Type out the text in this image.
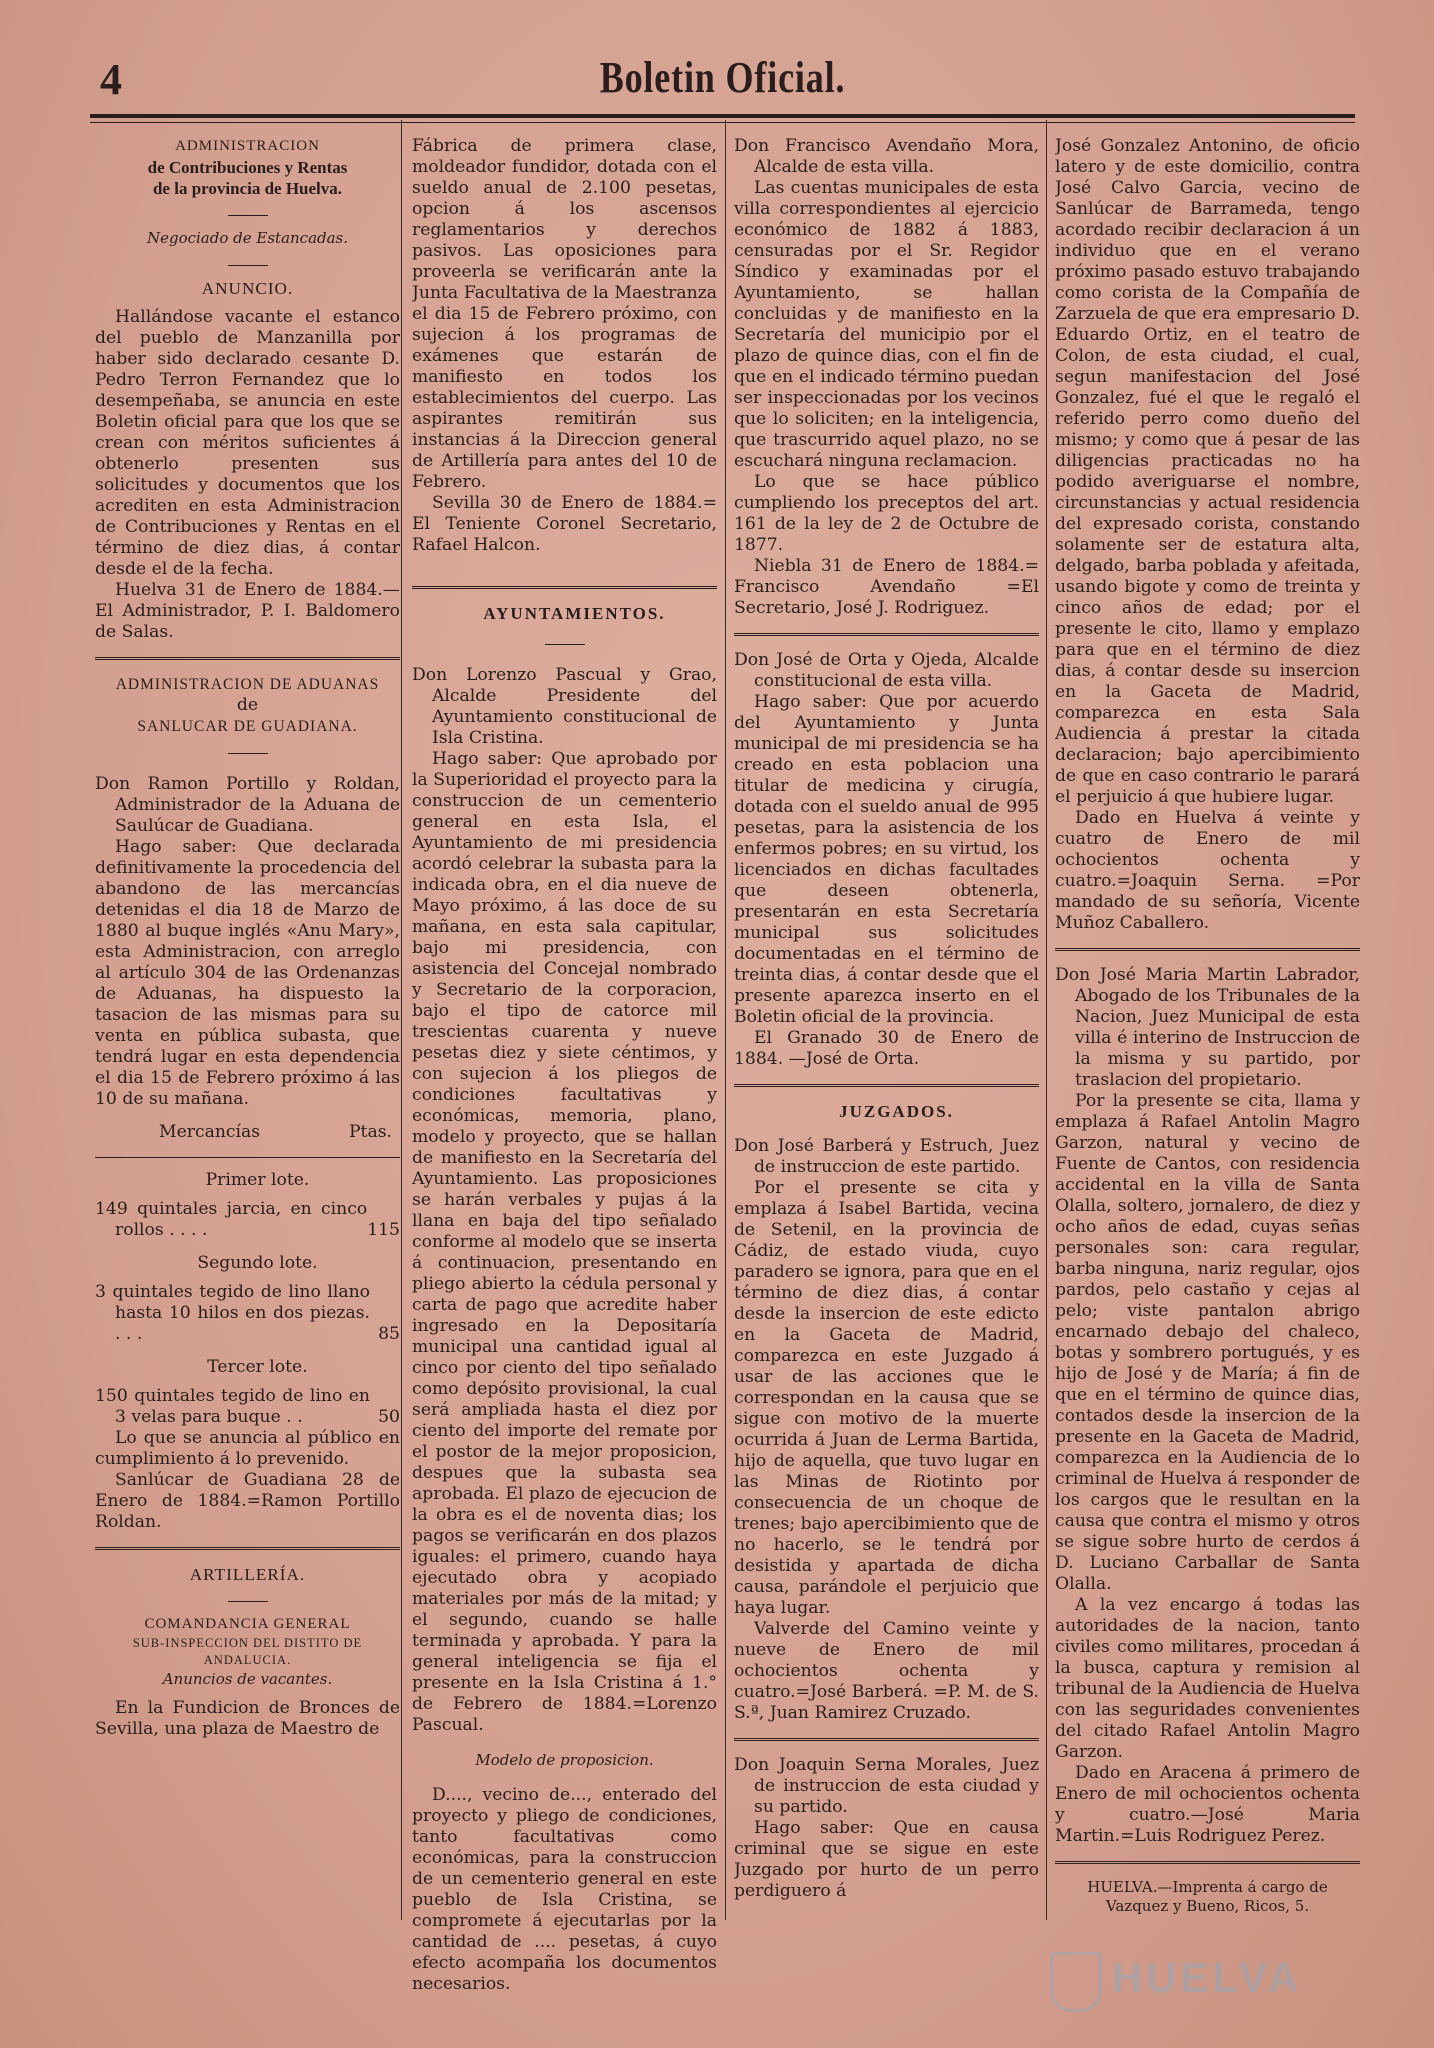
4	Boletin Oficial.

ADMINISTRACION

de Contribuciones y Rentas

de la provincia de Huelva.

Negociado de Estancadas.

ANUNCIO.

Hallándose vacante el estanco del pueblo de Manzanilla por haber sido declarado cesante D. Pedro Terron Fernandez que lo desempeñaba, se anuncia en este Boletin oficial para que los que se crean con méritos suficientes á obtenerlo presenten sus solicitudes y documentos que los acrediten en esta Administracion de Contribuciones y Rentas en el término de diez dias, á contar desde el de la fecha.

Huelva 31 de Enero de 1884.— El Administrador, P. I. Baldomero de Salas.

ADMINISTRACION DE ADUANAS

de

SANLUCAR DE GUADIANA.

Don Ramon Portillo y Roldan, Administrador de la Aduana de Saulúcar de Guadiana.

Hago saber: Que declarada definitivamente la procedencia del abandono de las mercancías detenidas el dia 18 de Marzo de 1880 al buque inglés «Anu Mary», esta Administracion, con arreglo al artículo 304 de las Ordenanzas de Aduanas, ha dispuesto la tasacion de las mismas para su venta en pública subasta, que tendrá lugar en esta dependencia el dia 15 de Febrero próximo á las 10 de su mañana.

Mercancías	Ptas.

Primer lote.

149 quintales jarcia, en cinco rollos . . . .	115

Segundo lote.

3 quintales tegido de lino llano hasta 10 hilos en dos piezas. . . .	85

Tercer lote.

150 quintales tegido de lino en 3 velas para buque . .	50

Lo que se anuncia al público en cumplimiento á lo prevenido.

Sanlúcar de Guadiana 28 de Enero de 1884.=Ramon Portillo Roldan.

ARTILLERÍA.

COMANDANCIA GENERAL

SUB-INSPECCION DEL DISTITO DE ANDALUCIA.

Anuncios de vacantes.

En la Fundicion de Bronces de Sevilla, una plaza de Maestro de

Fábrica de primera clase, moldeador fundidor, dotada con el sueldo anual de 2.100 pesetas, opcion á los ascensos reglamentarios y derechos pasivos. Las oposiciones para proveerla se verificarán ante la Junta Facultativa de la Maestranza el dia 15 de Febrero próximo, con sujecion á los programas de exámenes que estarán de manifiesto en todos los establecimientos del cuerpo. Las aspirantes remitirán sus instancias á la Direccion general de Artillería para antes del 10 de Febrero.

Sevilla 30 de Enero de 1884.= El Teniente Coronel Secretario, Rafael Halcon.

AYUNTAMIENTOS.

Don Lorenzo Pascual y Grao, Alcalde Presidente del Ayuntamiento constitucional de Isla Cristina.

Hago saber: Que aprobado por la Superioridad el proyecto para la construccion de un cementerio general en esta Isla, el Ayuntamiento de mi presidencia acordó celebrar la subasta para la indicada obra, en el dia nueve de Mayo próximo, á las doce de su mañana, en esta sala capitular, bajo mi presidencia, con asistencia del Concejal nombrado y Secretario de la corporacion, bajo el tipo de catorce mil trescientas cuarenta y nueve pesetas diez y siete céntimos, y con sujecion á los pliegos de condiciones facultativas y económicas, memoria, plano, modelo y proyecto, que se hallan de manifiesto en la Secretaría del Ayuntamiento. Las proposiciones se harán verbales y pujas á la llana en baja del tipo señalado conforme al modelo que se inserta á continuacion, presentando en pliego abierto la cédula personal y carta de pago que acredite haber ingresado en la Depositaría municipal una cantidad igual al cinco por ciento del tipo señalado como depósito provisional, la cual será ampliada hasta el diez por ciento del importe del remate por el postor de la mejor proposicion, despues que la subasta sea aprobada. El plazo de ejecucion de la obra es el de noventa dias; los pagos se verificarán en dos plazos iguales: el primero, cuando haya ejecutado obra y acopiado materiales por más de la mitad; y el segundo, cuando se halle terminada y aprobada. Y para la general inteligencia se fija el presente en la Isla Cristina á 1.° de Febrero de 1884.=Lorenzo Pascual.

Modelo de proposicion.

D...., vecino de..., enterado del proyecto y pliego de condiciones, tanto facultativas como económicas, para la construccion de un cementerio general en este pueblo de Isla Cristina, se compromete á ejecutarlas por la cantidad de .... pesetas, á cuyo efecto acompaña los documentos necesarios.

Don Francisco Avendaño Mora, Alcalde de esta villa.

Las cuentas municipales de esta villa correspondientes al ejercicio económico de 1882 á 1883, censuradas por el Sr. Regidor Síndico y examinadas por el Ayuntamiento, se hallan concluidas y de manifiesto en la Secretaría del municipio por el plazo de quince dias, con el fin de que en el indicado término puedan ser inspeccionadas por los vecinos que lo soliciten; en la inteligencia, que trascurrido aquel plazo, no se escuchará ninguna reclamacion.

Lo que se hace público cumpliendo los preceptos del art. 161 de la ley de 2 de Octubre de 1877.

Niebla 31 de Enero de 1884.= Francisco Avendaño =El Secretario, José J. Rodriguez.

Don José de Orta y Ojeda, Alcalde constitucional de esta villa.

Hago saber: Que por acuerdo del Ayuntamiento y Junta municipal de mi presidencia se ha creado en esta poblacion una titular de medicina y cirugía, dotada con el sueldo anual de 995 pesetas, para la asistencia de los enfermos pobres; en su virtud, los licenciados en dichas facultades que deseen obtenerla, presentarán en esta Secretaría municipal sus solicitudes documentadas en el término de treinta dias, á contar desde que el presente aparezca inserto en el Boletin oficial de la provincia.

El Granado 30 de Enero de 1884. —José de Orta.

JUZGADOS.

Don José Barberá y Estruch, Juez de instruccion de este partido.

Por el presente se cita y emplaza á Isabel Bartida, vecina de Setenil, en la provincia de Cádiz, de estado viuda, cuyo paradero se ignora, para que en el término de diez dias, á contar desde la insercion de este edicto en la Gaceta de Madrid, comparezca en este Juzgado á usar de las acciones que le correspondan en la causa que se sigue con motivo de la muerte ocurrida á Juan de Lerma Bartida, hijo de aquella, que tuvo lugar en las Minas de Riotinto por consecuencia de un choque de trenes; bajo apercibimiento que de no hacerlo, se le tendrá por desistida y apartada de dicha causa, parándole el perjuicio que haya lugar.

Valverde del Camino veinte y nueve de Enero de mil ochocientos ochenta y cuatro.=José Barberá. =P. M. de S. S.ª, Juan Ramirez Cruzado.

Don Joaquin Serna Morales, Juez de instruccion de esta ciudad y su partido.

Hago saber: Que en causa criminal que se sigue en este Juzgado por hurto de un perro perdiguero á

José Gonzalez Antonino, de oficio latero y de este domicilio, contra José Calvo Garcia, vecino de Sanlúcar de Barrameda, tengo acordado recibir declaracion á un individuo que en el verano próximo pasado estuvo trabajando como corista de la Compañía de Zarzuela de que era empresario D. Eduardo Ortiz, en el teatro de Colon, de esta ciudad, el cual, segun manifestacion del José Gonzalez, fué el que le regaló el referido perro como dueño del mismo; y como que á pesar de las diligencias practicadas no ha podido averiguarse el nombre, circunstancias y actual residencia del expresado corista, constando solamente ser de estatura alta, delgado, barba poblada y afeitada, usando bigote y como de treinta y cinco años de edad; por el presente le cito, llamo y emplazo para que en el término de diez dias, á contar desde su insercion en la Gaceta de Madrid, comparezca en esta Sala Audiencia á prestar la citada declaracion; bajo apercibimiento de que en caso contrario le parará el perjuicio á que hubiere lugar.

Dado en Huelva á veinte y cuatro de Enero de mil ochocientos ochenta y cuatro.=Joaquin Serna. =Por mandado de su señoría, Vicente Muñoz Caballero.

Don José Maria Martin Labrador, Abogado de los Tribunales de la Nacion, Juez Municipal de esta villa é interino de Instruccion de la misma y su partido, por traslacion del propietario.

Por la presente se cita, llama y emplaza á Rafael Antolin Magro Garzon, natural y vecino de Fuente de Cantos, con residencia accidental en la villa de Santa Olalla, soltero, jornalero, de diez y ocho años de edad, cuyas señas personales son: cara regular, barba ninguna, nariz regular, ojos pardos, pelo castaño y cejas al pelo; viste pantalon abrigo encarnado debajo del chaleco, botas y sombrero portugués, y es hijo de José y de María; á fin de que en el término de quince dias, contados desde la insercion de la presente en la Gaceta de Madrid, comparezca en la Audiencia de lo criminal de Huelva á responder de los cargos que le resultan en la causa que contra el mismo y otros se sigue sobre hurto de cerdos á D. Luciano Carballar de Santa Olalla.

A la vez encargo á todas las autoridades de la nacion, tanto civiles como militares, procedan á la busca, captura y remision al tribunal de la Audiencia de Huelva con las seguridades convenientes del citado Rafael Antolin Magro Garzon.

Dado en Aracena á primero de Enero de mil ochocientos ochenta y cuatro.—José Maria Martin.=Luis Rodriguez Perez.

HUELVA.—Imprenta á cargo de Vazquez y Bueno, Ricos, 5.

HUELVA
